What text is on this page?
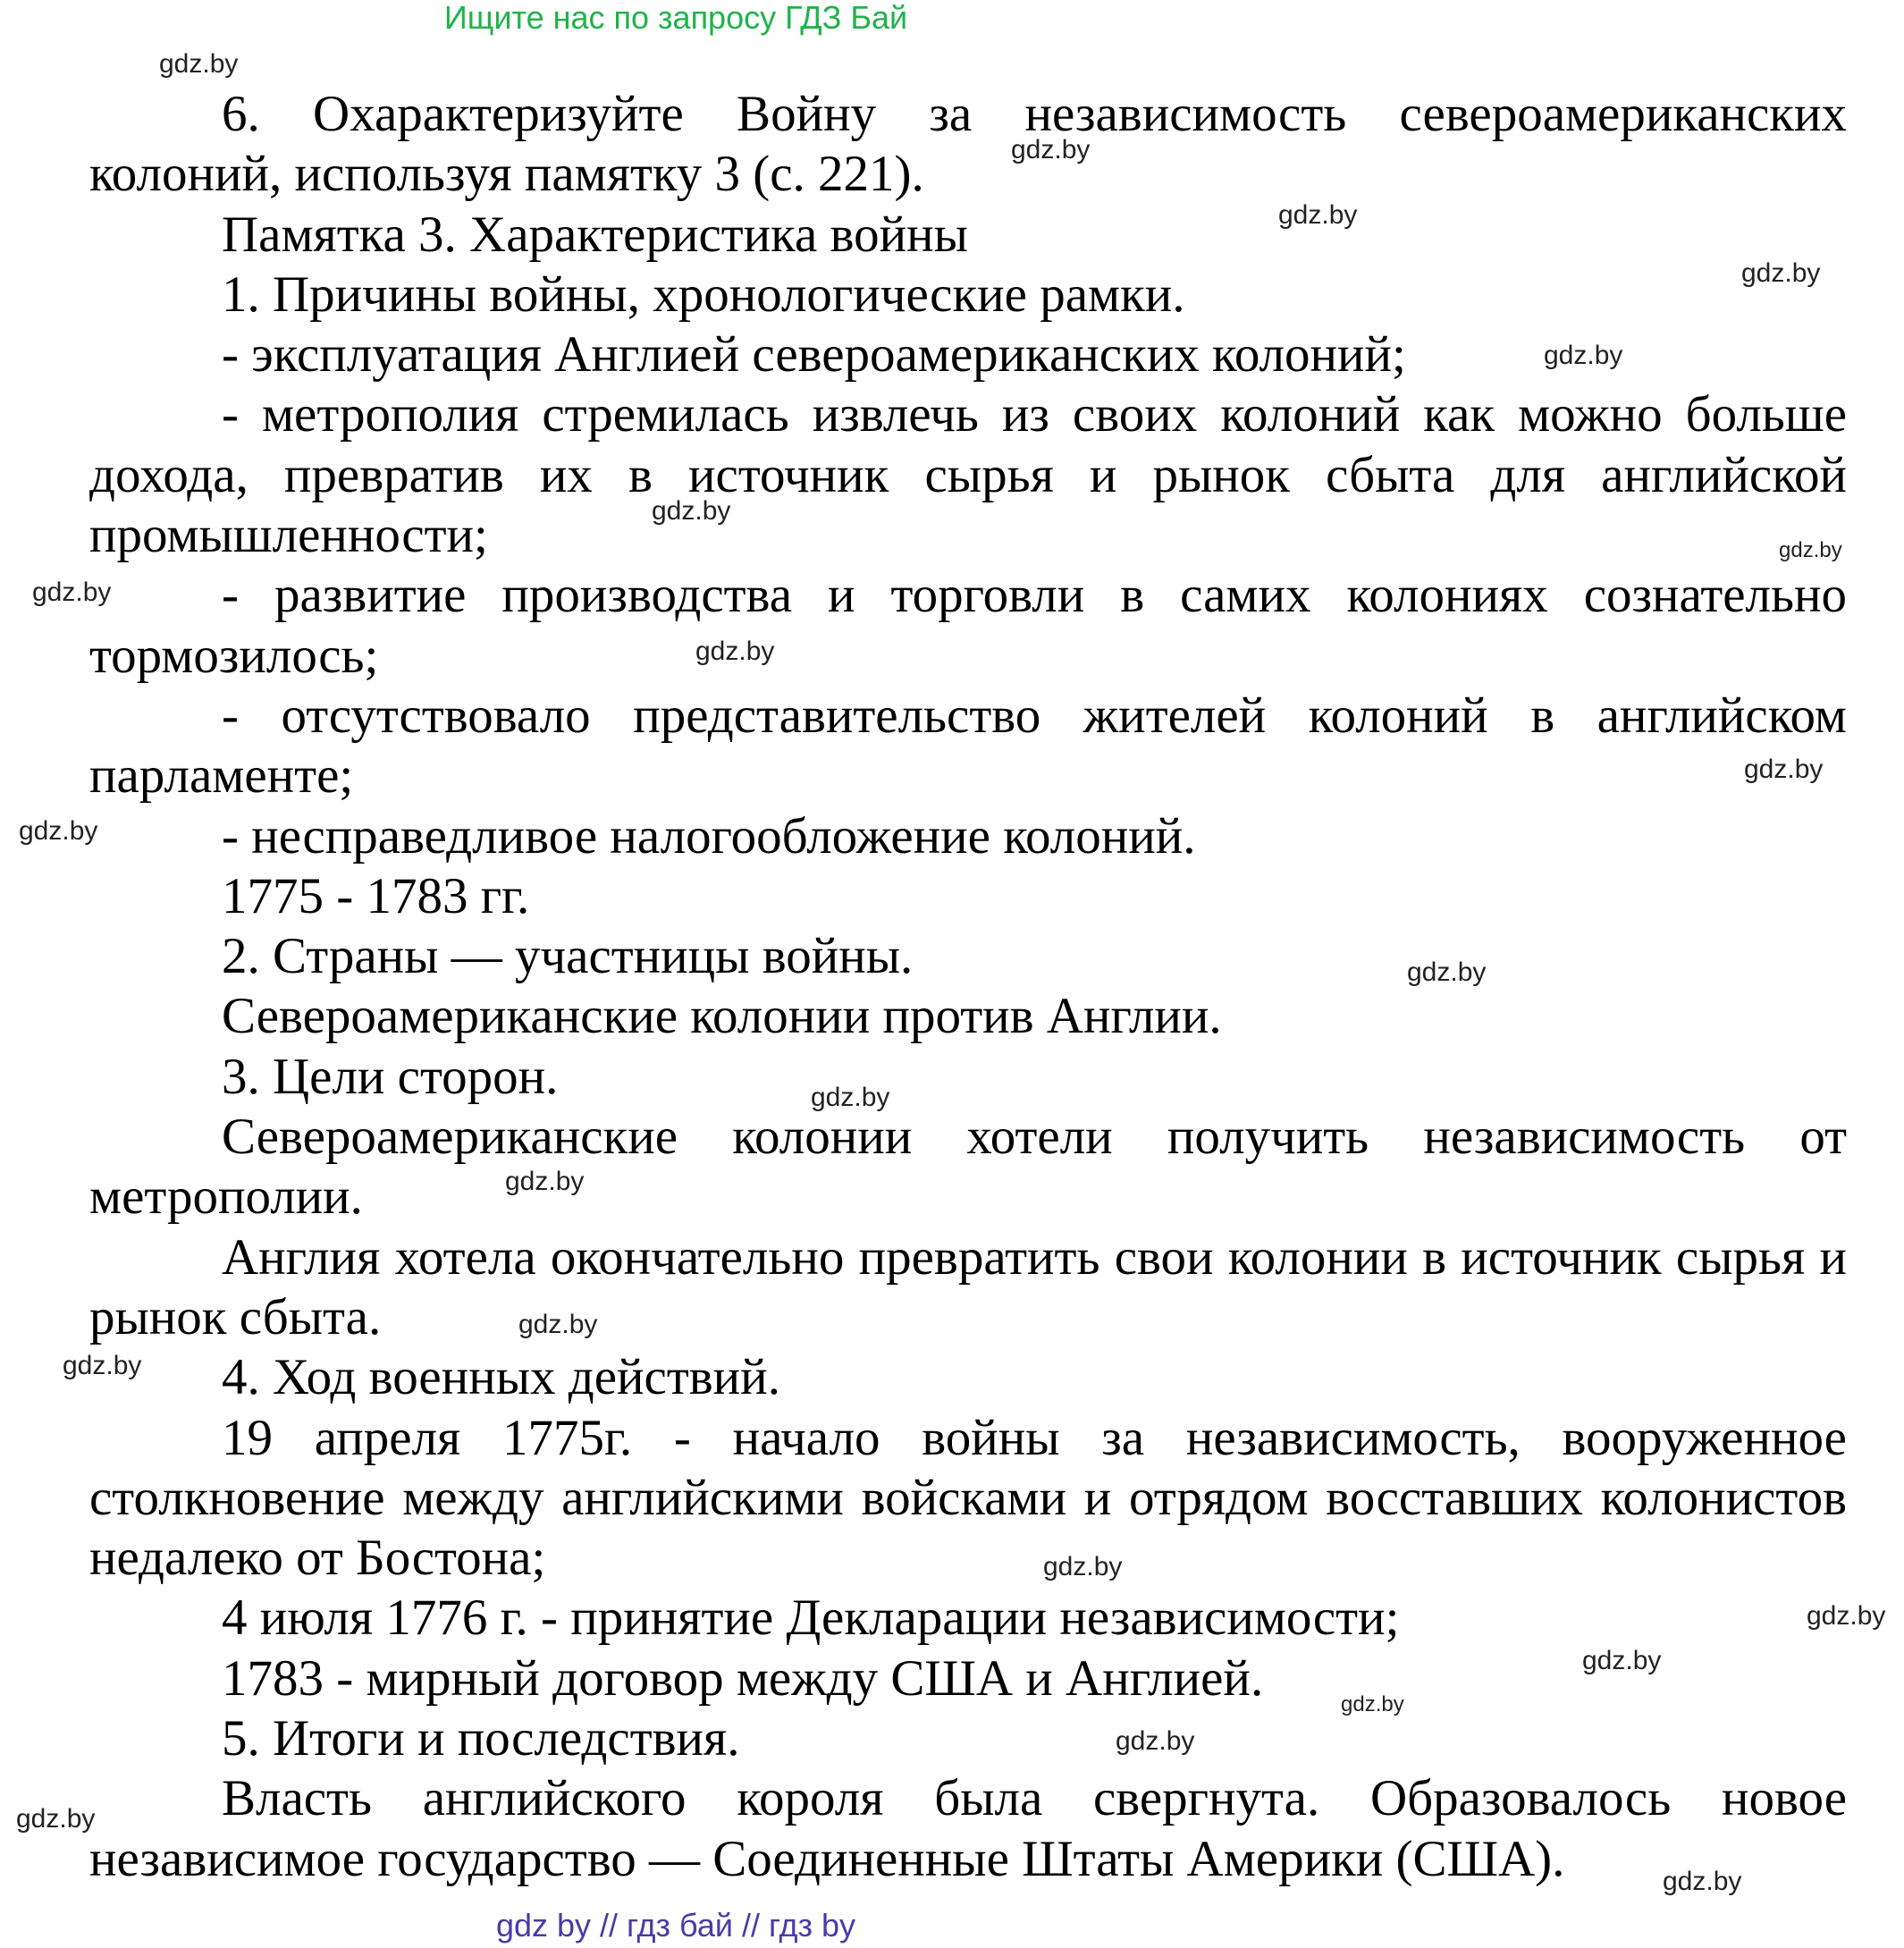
Ищите нас по запросу ГДЗ Бай

6. Охарактеризуйте Войну за независимость североамериканских колоний, используя памятку 3 (с. 221).

Памятка 3. Характеристика войны

1. Причины войны, хронологические рамки.

- эксплуатация Англией североамериканских колоний;

- метрополия стремилась извлечь из своих колоний как можно больше дохода, превратив их в источник сырья и рынок сбыта для английской промышленности;

- развитие производства и торговли в самих колониях сознательно тормозилось;

- отсутствовало представительство жителей колоний в английском парламенте;

- несправедливое налогообложение колоний.

1775 - 1783 гг.

2. Страны — участницы войны.

Североамериканские колонии против Англии.

3. Цели сторон.

Североамериканские колонии хотели получить независимость от метрополии.

Англия хотела окончательно превратить свои колонии в источник сырья и рынок сбыта.

4. Ход военных действий.

19 апреля 1775г. - начало войны за независимость, вооруженное столкновение между английскими войсками и отрядом восставших колонистов недалеко от Бостона;

4 июля 1776 г. - принятие Декларации независимости;

1783 - мирный договор между США и Англией.

5. Итоги и последствия.

Власть английского короля была свергнута. Образовалось новое независимое государство — Соединенные Штаты Америки (США).

gdz.by
gdz.by
gdz.by
gdz.by
gdz.by
gdz.by
gdz.by
gdz.by
gdz.by
gdz.by
gdz.by
gdz.by
gdz.by
gdz.by
gdz.by
gdz.by
gdz.by
gdz.by
gdz.by
gdz.by
gdz.by
gdz.by
gdz.by
gdz by // гдз бай // гдз by
